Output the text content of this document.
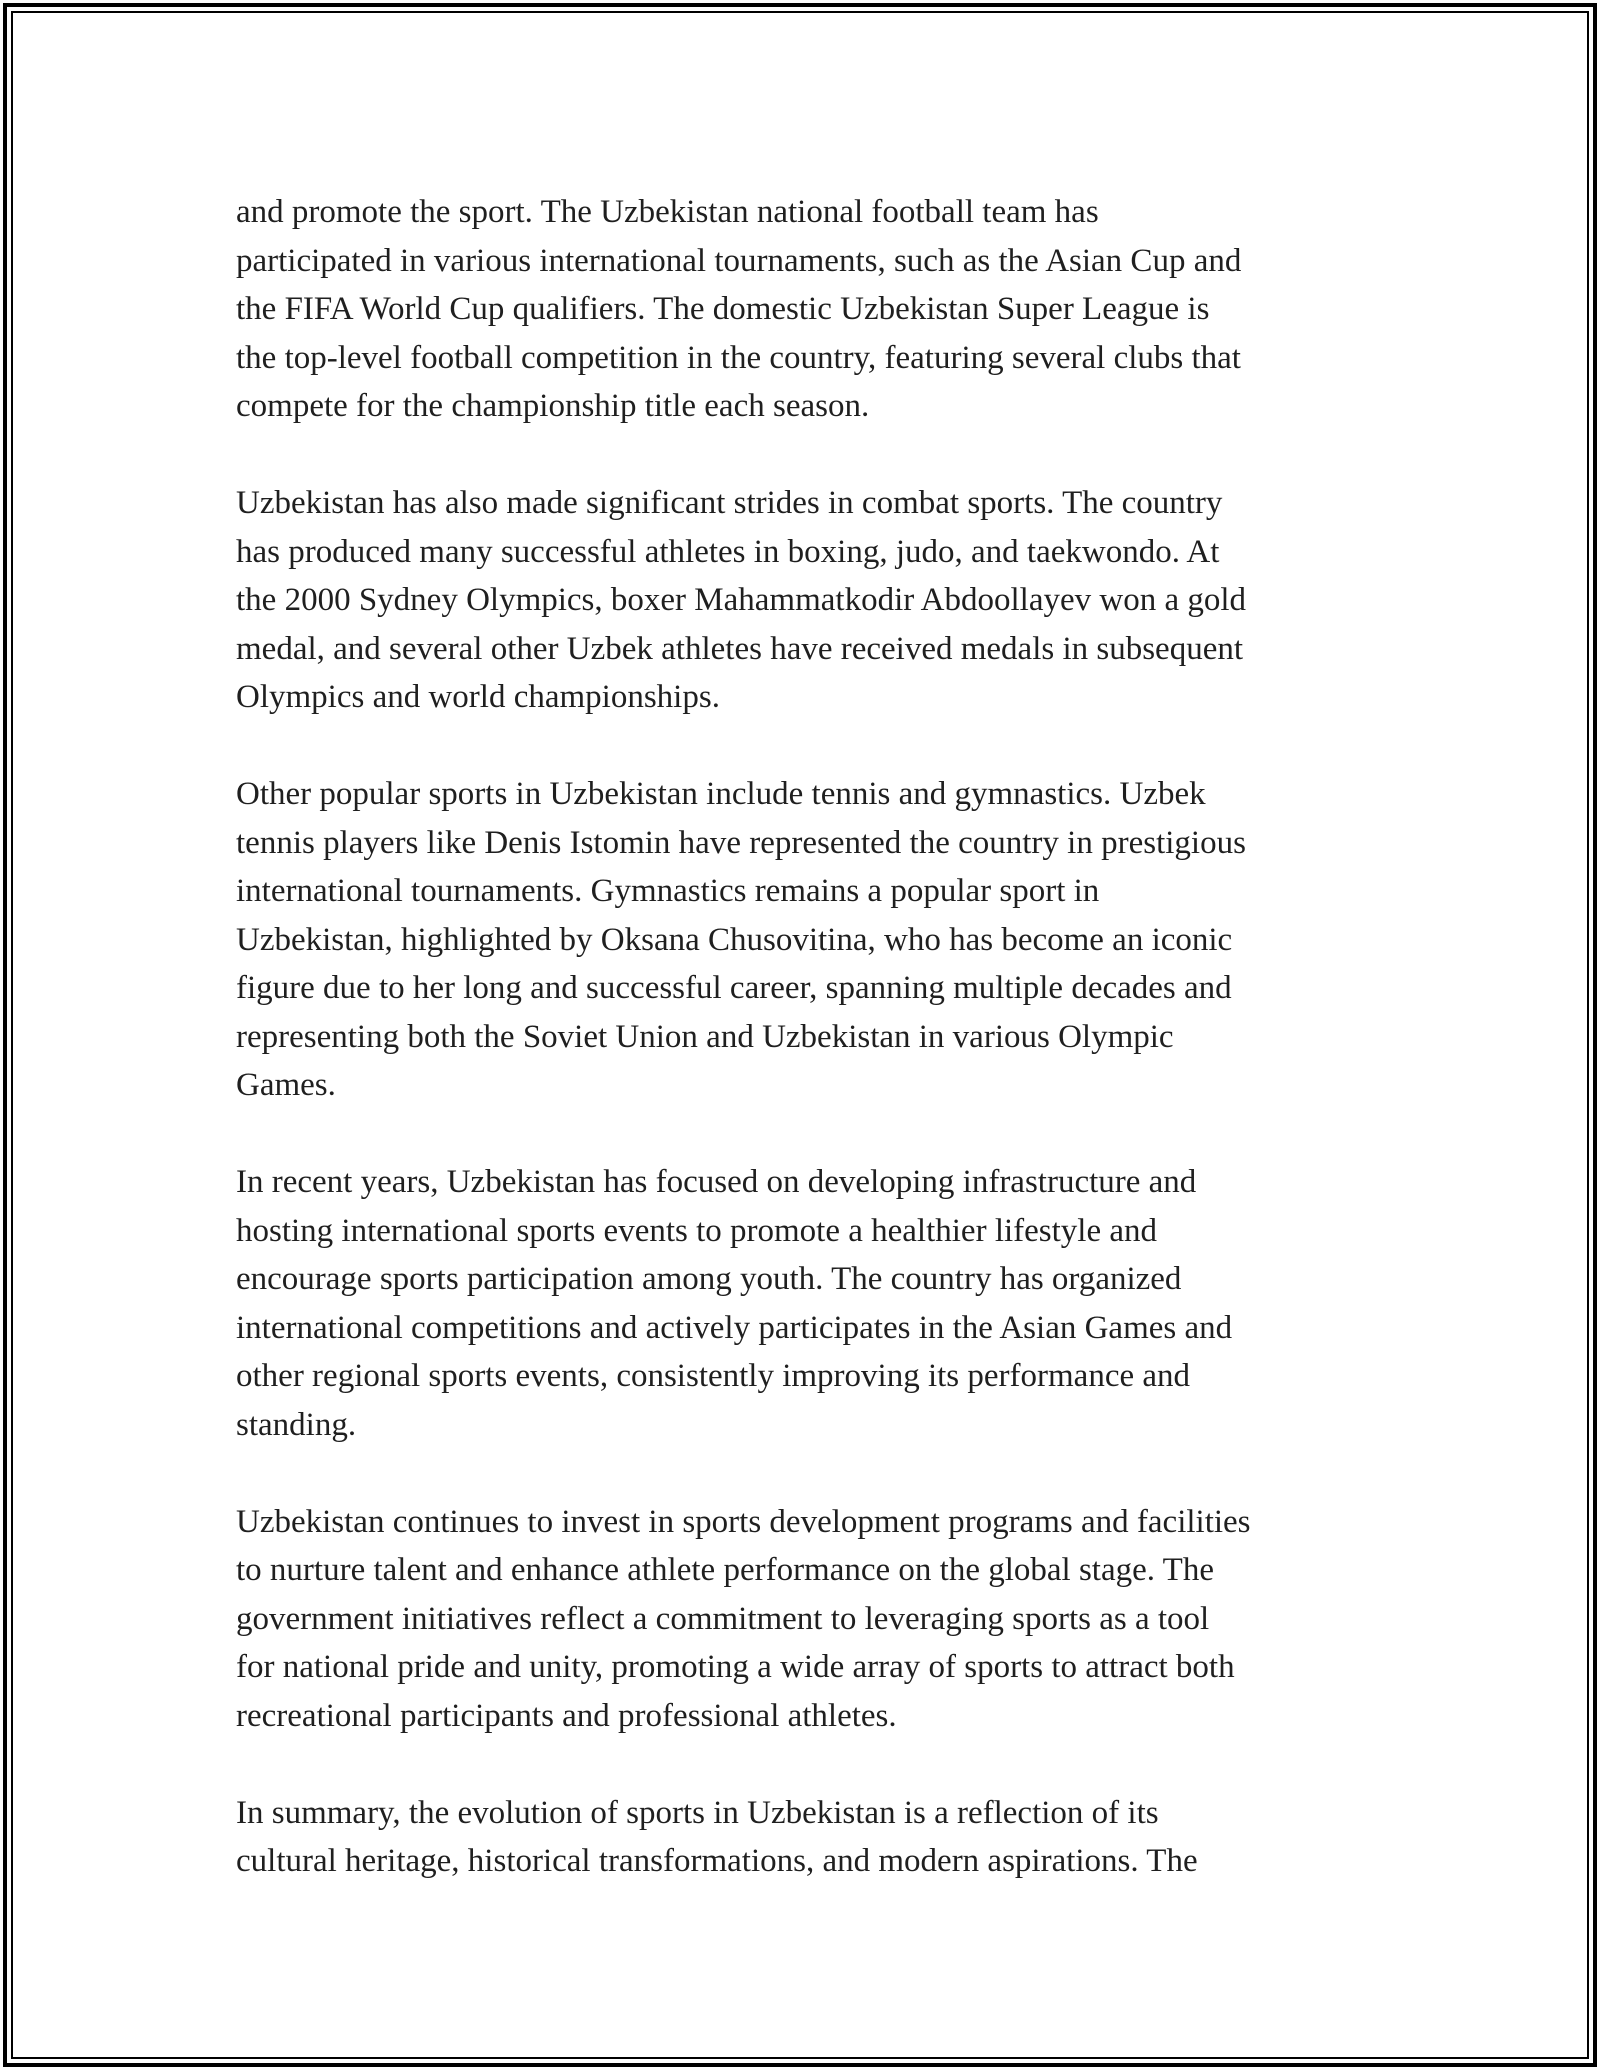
and promote the sport. The Uzbekistan national football team has
participated in various international tournaments, such as the Asian Cup and
the FIFA World Cup qualifiers. The domestic Uzbekistan Super League is
the top-level football competition in the country, featuring several clubs that
compete for the championship title each season.

Uzbekistan has also made significant strides in combat sports. The country
has produced many successful athletes in boxing, judo, and taekwondo. At
the 2000 Sydney Olympics, boxer Mahammatkodir Abdoollayev won a gold
medal, and several other Uzbek athletes have received medals in subsequent
Olympics and world championships.

Other popular sports in Uzbekistan include tennis and gymnastics. Uzbek
tennis players like Denis Istomin have represented the country in prestigious
international tournaments. Gymnastics remains a popular sport in
Uzbekistan, highlighted by Oksana Chusovitina, who has become an iconic
figure due to her long and successful career, spanning multiple decades and
representing both the Soviet Union and Uzbekistan in various Olympic
Games.

In recent years, Uzbekistan has focused on developing infrastructure and
hosting international sports events to promote a healthier lifestyle and
encourage sports participation among youth. The country has organized
international competitions and actively participates in the Asian Games and
other regional sports events, consistently improving its performance and
standing.

Uzbekistan continues to invest in sports development programs and facilities
to nurture talent and enhance athlete performance on the global stage. The
government initiatives reflect a commitment to leveraging sports as a tool
for national pride and unity, promoting a wide array of sports to attract both
recreational participants and professional athletes.

In summary, the evolution of sports in Uzbekistan is a reflection of its
cultural heritage, historical transformations, and modern aspirations. The
